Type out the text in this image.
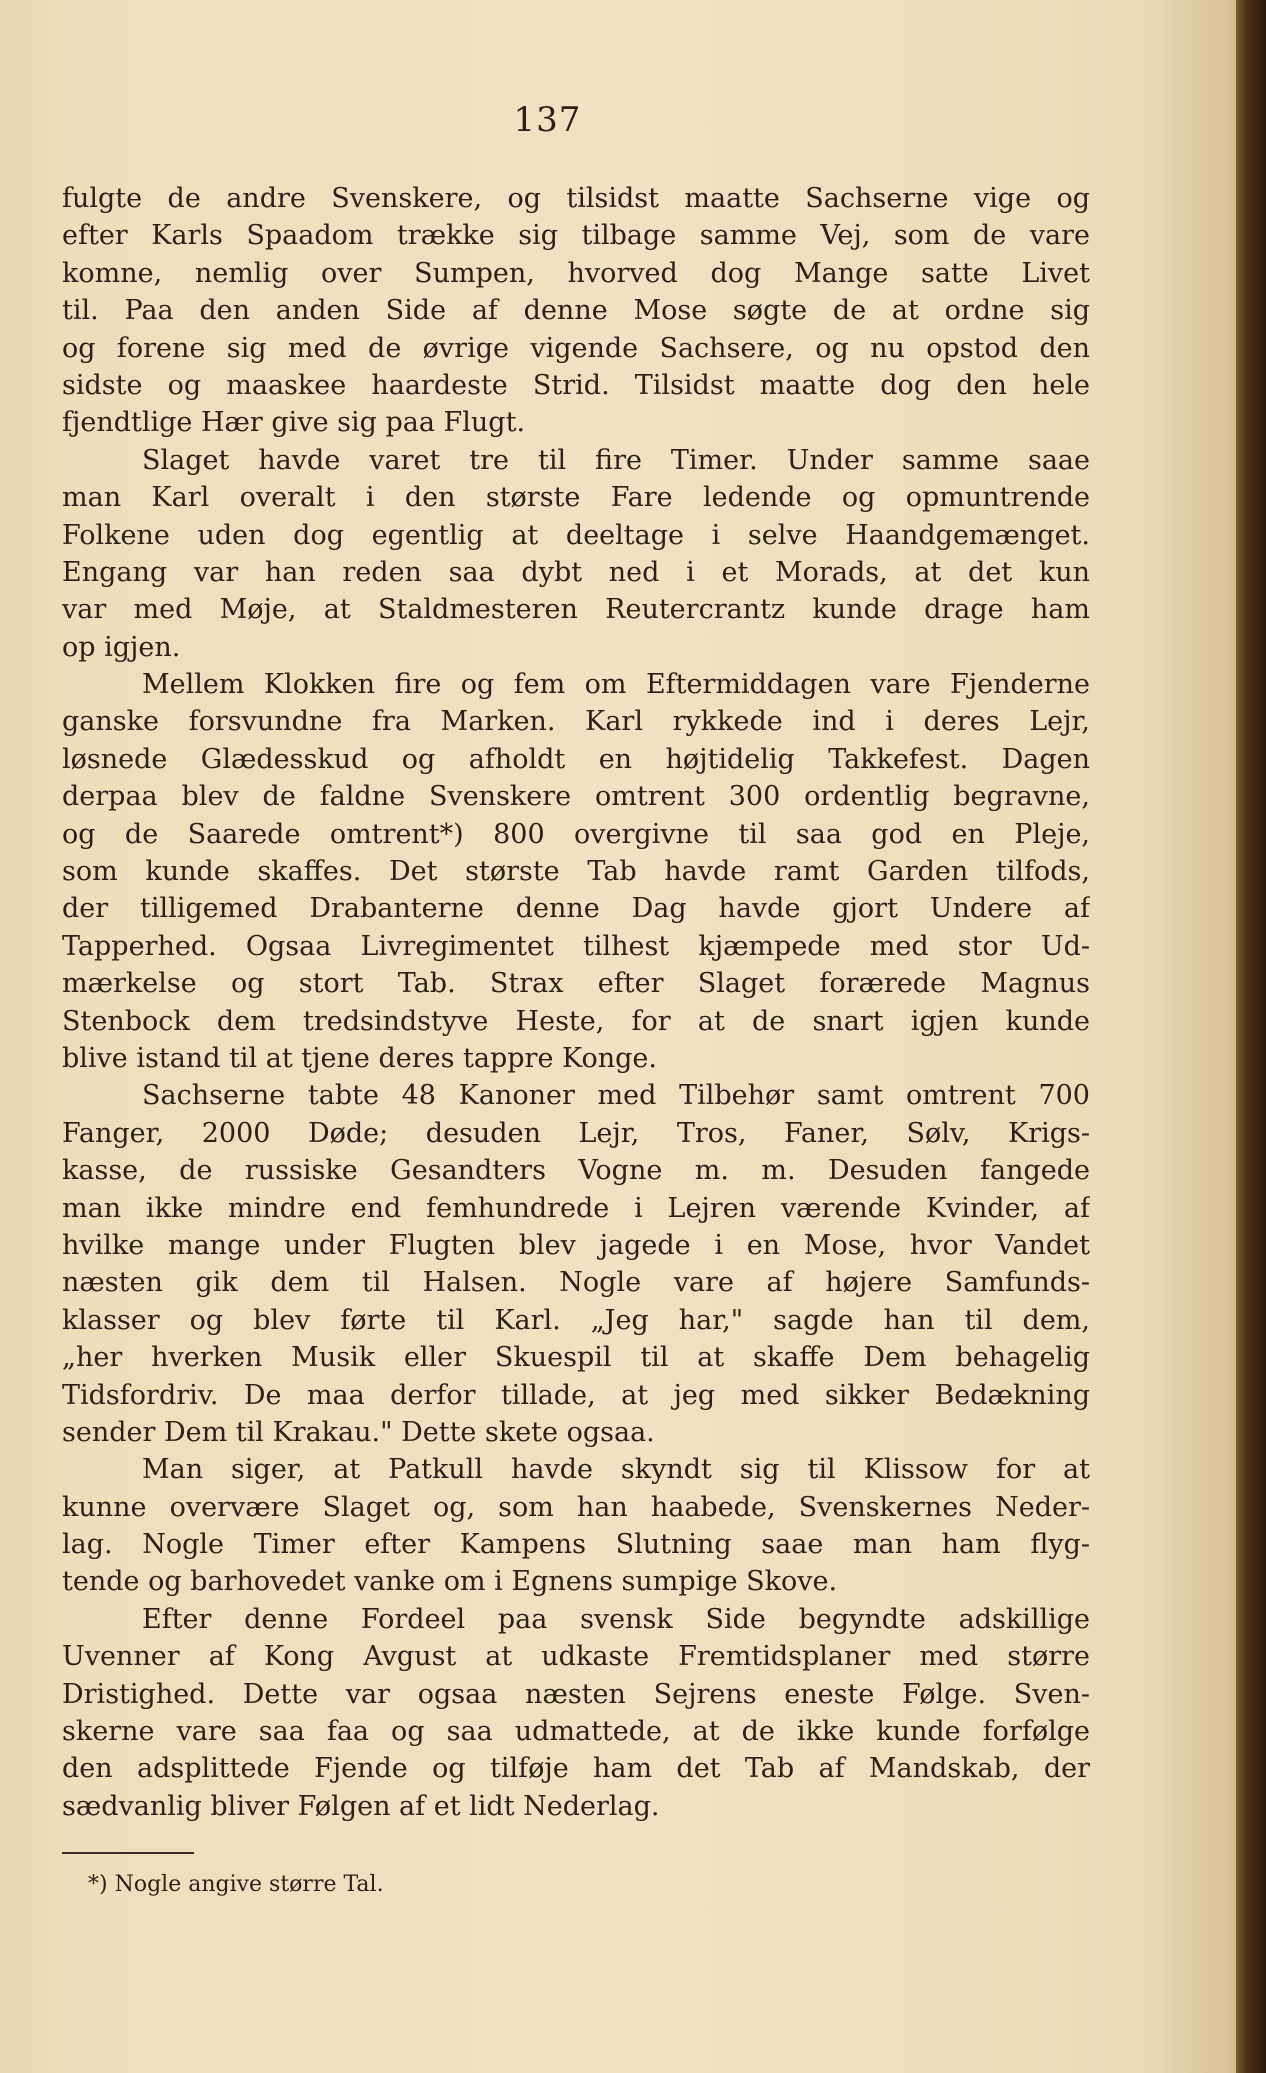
137
fulgte de andre Svenskere, og tilsidst maatte Sachserne vige og
efter Karls Spaadom trække sig tilbage samme Vej, som de vare
komne, nemlig over Sumpen, hvorved dog Mange satte Livet
til. Paa den anden Side af denne Mose søgte de at ordne sig
og forene sig med de øvrige vigende Sachsere, og nu opstod den
sidste og maaskee haardeste Strid. Tilsidst maatte dog den hele
fjendtlige Hær give sig paa Flugt.
Slaget havde varet tre til fire Timer. Under samme saae
man Karl overalt i den største Fare ledende og opmuntrende
Folkene uden dog egentlig at deeltage i selve Haandgemænget.
Engang var han reden saa dybt ned i et Morads, at det kun
var med Møje, at Staldmesteren Reutercrantz kunde drage ham
op igjen.
Mellem Klokken fire og fem om Eftermiddagen vare Fjenderne
ganske forsvundne fra Marken. Karl rykkede ind i deres Lejr,
løsnede Glædesskud og afholdt en højtidelig Takkefest. Dagen
derpaa blev de faldne Svenskere omtrent 300 ordentlig begravne,
og de Saarede omtrent*) 800 overgivne til saa god en Pleje,
som kunde skaffes. Det største Tab havde ramt Garden tilfods,
der tilligemed Drabanterne denne Dag havde gjort Undere af
Tapperhed. Ogsaa Livregimentet tilhest kjæmpede med stor Ud-
mærkelse og stort Tab. Strax efter Slaget forærede Magnus
Stenbock dem tredsindstyve Heste, for at de snart igjen kunde
blive istand til at tjene deres tappre Konge.
Sachserne tabte 48 Kanoner med Tilbehør samt omtrent 700
Fanger, 2000 Døde; desuden Lejr, Tros, Faner, Sølv, Krigs-
kasse, de russiske Gesandters Vogne m. m. Desuden fangede
man ikke mindre end femhundrede i Lejren værende Kvinder, af
hvilke mange under Flugten blev jagede i en Mose, hvor Vandet
næsten gik dem til Halsen. Nogle vare af højere Samfunds-
klasser og blev førte til Karl. „Jeg har," sagde han til dem,
„her hverken Musik eller Skuespil til at skaffe Dem behagelig
Tidsfordriv. De maa derfor tillade, at jeg med sikker Bedækning
sender Dem til Krakau." Dette skete ogsaa.
Man siger, at Patkull havde skyndt sig til Klissow for at
kunne overvære Slaget og, som han haabede, Svenskernes Neder-
lag. Nogle Timer efter Kampens Slutning saae man ham flyg-
tende og barhovedet vanke om i Egnens sumpige Skove.
Efter denne Fordeel paa svensk Side begyndte adskillige
Uvenner af Kong Avgust at udkaste Fremtidsplaner med større
Dristighed. Dette var ogsaa næsten Sejrens eneste Følge. Sven-
skerne vare saa faa og saa udmattede, at de ikke kunde forfølge
den adsplittede Fjende og tilføje ham det Tab af Mandskab, der
sædvanlig bliver Følgen af et lidt Nederlag.
*) Nogle angive større Tal.
